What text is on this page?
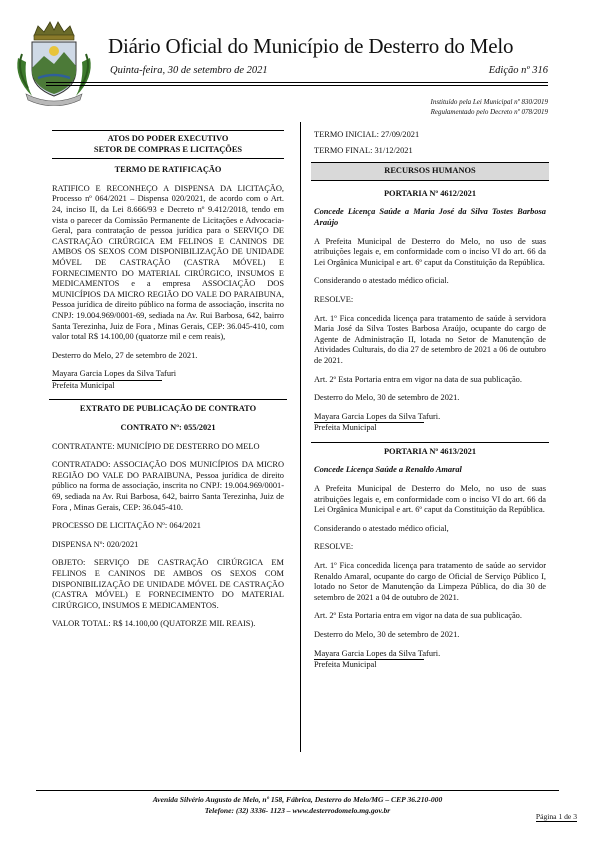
Diário Oficial do Município de Desterro do Melo
Quinta-feira, 30 de setembro de 2021	Edição nº 316
Instituído pela Lei Municipal nº 830/2019
Regulamentado pelo Decreto nº 078/2019
ATOS DO PODER EXECUTIVO
SETOR DE COMPRAS E LICITAÇÕES
TERMO DE RATIFICAÇÃO

RATIFICO E RECONHEÇO A DISPENSA DA LICITAÇÃO, Processo nº 064/2021 – Dispensa 020/2021, de acordo com o Art. 24, inciso II, da Lei 8.666/93 e Decreto nº 9.412/2018, tendo em vista o parecer da Comissão Permanente de Licitações e Advocacia-Geral, para contratação de pessoa jurídica para o SERVIÇO DE CASTRAÇÃO CIRÚRGICA EM FELINOS E CANINOS DE AMBOS OS SEXOS COM DISPONIBILIZAÇÃO DE UNIDADE MÓVEL DE CASTRAÇÃO (CASTRA MÓVEL) E FORNECIMENTO DO MATERIAL CIRÚRGICO, INSUMOS E MEDICAMENTOS e a empresa ASSOCIAÇÃO DOS MUNICÍPIOS DA MICRO REGIÃO DO VALE DO PARAIBUNA, Pessoa jurídica de direito público na forma de associação, inscrita no CNPJ: 19.004.969/0001-69, sediada na Av. Rui Barbosa, 642, bairro Santa Terezinha, Juiz de Fora , Minas Gerais, CEP: 36.045-410, com valor total R$ 14.100,00 (quatorze mil e cem reais),

Desterro do Melo, 27 de setembro de 2021.

Mayara Garcia Lopes da Silva Tafuri
Prefeita Municipal
EXTRATO DE PUBLICAÇÃO DE CONTRATO
CONTRATO Nº: 055/2021

CONTRATANTE: MUNICÍPIO DE DESTERRO DO MELO

CONTRATADO: ASSOCIAÇÃO DOS MUNICÍPIOS DA MICRO REGIÃO DO VALE DO PARAIBUNA, Pessoa jurídica de direito público na forma de associação, inscrita no CNPJ: 19.004.969/0001-69, sediada na Av. Rui Barbosa, 642, bairro Santa Terezinha, Juiz de Fora , Minas Gerais, CEP: 36.045-410.

PROCESSO DE LICITAÇÃO Nº: 064/2021

DISPENSA Nº: 020/2021

OBJETO: SERVIÇO DE CASTRAÇÃO CIRÚRGICA EM FELINOS E CANINOS DE AMBOS OS SEXOS COM DISPONIBILIZAÇÃO DE UNIDADE MÓVEL DE CASTRAÇÃO (CASTRA MÓVEL) E FORNECIMENTO DO MATERIAL CIRÚRGICO, INSUMOS E MEDICAMENTOS.

VALOR TOTAL: R$ 14.100,00 (QUATORZE MIL REAIS).

TERMO INICIAL: 27/09/2021
TERMO FINAL: 31/12/2021
RECURSOS HUMANOS
PORTARIA Nº 4612/2021

Concede Licença Saúde a Maria José da Silva Tostes Barbosa Araújo

A Prefeita Municipal de Desterro do Melo, no uso de suas atribuições legais e, em conformidade com o inciso VI do art. 66 da Lei Orgânica Municipal e art. 6º caput da Constituição da República.

Considerando o atestado médico oficial.

RESOLVE:

Art. 1º Fica concedida licença para tratamento de saúde à servidora Maria José da Silva Tostes Barbosa Araújo, ocupante do cargo de Agente de Administração II, lotada no Setor de Manutenção de Atividades Culturais, do dia 27 de setembro de 2021 a 06 de outubro de 2021.

Art. 2º Esta Portaria entra em vigor na data de sua publicação.

Desterro do Melo, 30 de setembro de 2021.

Mayara Garcia Lopes da Silva Tafuri.
Prefeita Municipal
PORTARIA Nº 4613/2021

Concede Licença Saúde a Renaldo Amaral

A Prefeita Municipal de Desterro do Melo, no uso de suas atribuições legais e, em conformidade com o inciso VI do art. 66 da Lei Orgânica Municipal e art. 6º caput da Constituição da República.

Considerando o atestado médico oficial,

RESOLVE:

Art. 1º Fica concedida licença para tratamento de saúde ao servidor Renaldo Amaral, ocupante do cargo de Oficial de Serviço Público I, lotado no Setor de Manutenção da Limpeza Pública, do dia 30 de setembro de 2021 a 04 de outubro de 2021.

Art. 2º Esta Portaria entra em vigor na data de sua publicação.

Desterro do Melo, 30 de setembro de 2021.

Mayara Garcia Lopes da Silva Tafuri.
Prefeita Municipal
Avenida Silvério Augusto de Melo, nº 158, Fábrica, Desterro do Melo/MG – CEP 36.210-000
Telefone: (32) 3336- 1123 – www.desterrodomelo.mg.gov.br
Página 1 de 3
